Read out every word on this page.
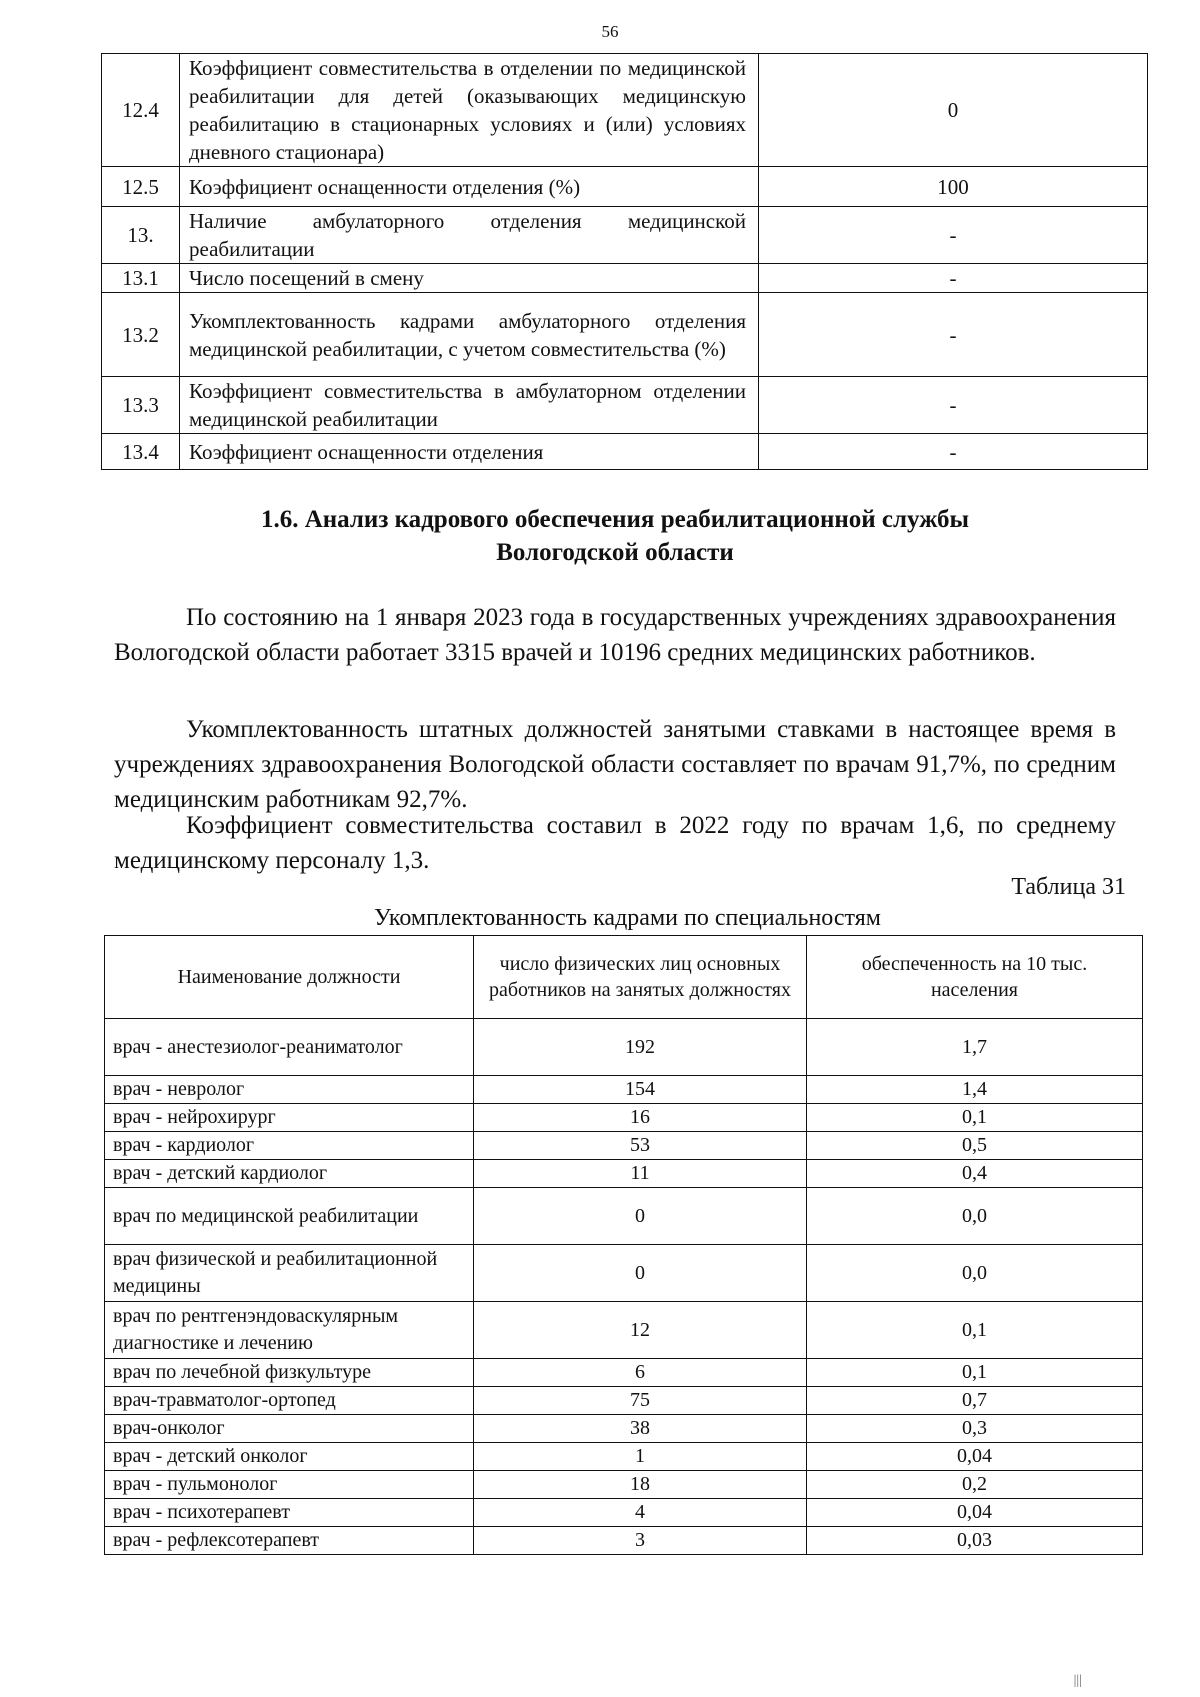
56
12.4	Коэффициент совместительства в отделении по медицинской реабилитации для детей (оказывающих медицинскую реабилитацию в стационарных условиях и (или) условиях дневного стационара)	0
12.5	Коэффициент оснащенности отделения (%)	100
13.	Наличие амбулаторного отделения медицинской реабилитации	-
13.1	Число посещений в смену	-
13.2	Укомплектованность кадрами амбулаторного отделения медицинской реабилитации, с учетом совместительства (%)	-
13.3	Коэффициент совместительства в амбулаторном отделении медицинской реабилитации	-
13.4	Коэффициент оснащенности отделения	-
1.6. Анализ кадрового обеспечения реабилитационной службы
Вологодской области

По состоянию на 1 января 2023 года в государственных учреждениях здравоохранения Вологодской области работает 3315 врачей и 10196 средних медицинских работников.

Укомплектованность штатных должностей занятыми ставками в настоящее время в учреждениях здравоохранения Вологодской области составляет по врачам 91,7%, по средним медицинским работникам 92,7%.

Коэффициент совместительства составил в 2022 году по врачам 1,6, по среднему медицинскому персоналу 1,3.

Таблица 31
Укомплектованность кадрами по специальностям
Наименование должности	число физических лиц основных работников на занятых должностях	обеспеченность на 10 тыс. населения
врач - анестезиолог-реаниматолог	192	1,7
врач - невролог	154	1,4
врач - нейрохирург	16	0,1
врач - кардиолог	53	0,5
врач - детский кардиолог	11	0,4
врач по медицинской реабилитации	0	0,0
врач физической и реабилитационной медицины	0	0,0
врач по рентгенэндоваскулярным диагностике и лечению	12	0,1
врач по лечебной физкультуре	6	0,1
врач-травматолог-ортопед	75	0,7
врач-онколог	38	0,3
врач - детский онколог	1	0,04
врач - пульмонолог	18	0,2
врач - психотерапевт	4	0,04
врач - рефлексотерапевт	3	0,03
|||
